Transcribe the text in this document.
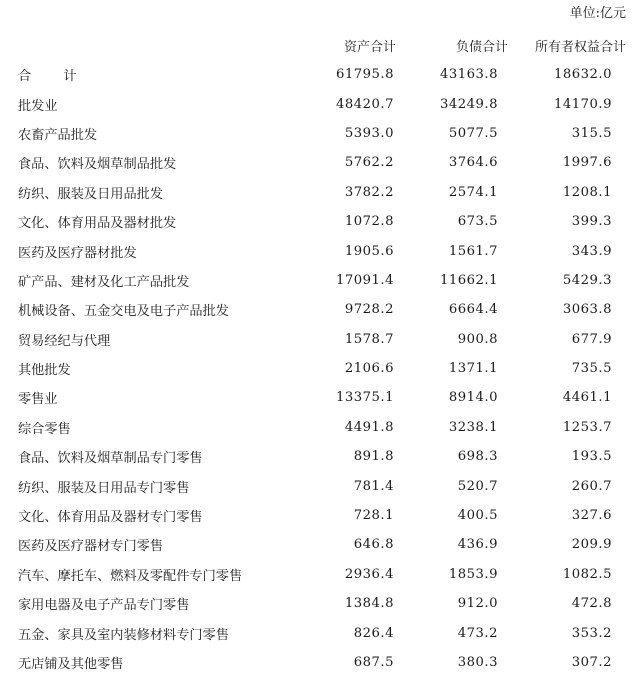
单位:亿元
	资产合计	负债合计	所有者权益合计
合 计	61795.8	43163.8	18632.0
批发业	48420.7	34249.8	14170.9
农畜产品批发	5393.0	5077.5	315.5
食品、饮料及烟草制品批发	5762.2	3764.6	1997.6
纺织、服装及日用品批发	3782.2	2574.1	1208.1
文化、体育用品及器材批发	1072.8	673.5	399.3
医药及医疗器材批发	1905.6	1561.7	343.9
矿产品、建材及化工产品批发	17091.4	11662.1	5429.3
机械设备、五金交电及电子产品批发	9728.2	6664.4	3063.8
贸易经纪与代理	1578.7	900.8	677.9
其他批发	2106.6	1371.1	735.5
零售业	13375.1	8914.0	4461.1
综合零售	4491.8	3238.1	1253.7
食品、饮料及烟草制品专门零售	891.8	698.3	193.5
纺织、服装及日用品专门零售	781.4	520.7	260.7
文化、体育用品及器材专门零售	728.1	400.5	327.6
医药及医疗器材专门零售	646.8	436.9	209.9
汽车、摩托车、燃料及零配件专门零售	2936.4	1853.9	1082.5
家用电器及电子产品专门零售	1384.8	912.0	472.8
五金、家具及室内装修材料专门零售	826.4	473.2	353.2
无店铺及其他零售	687.5	380.3	307.2
